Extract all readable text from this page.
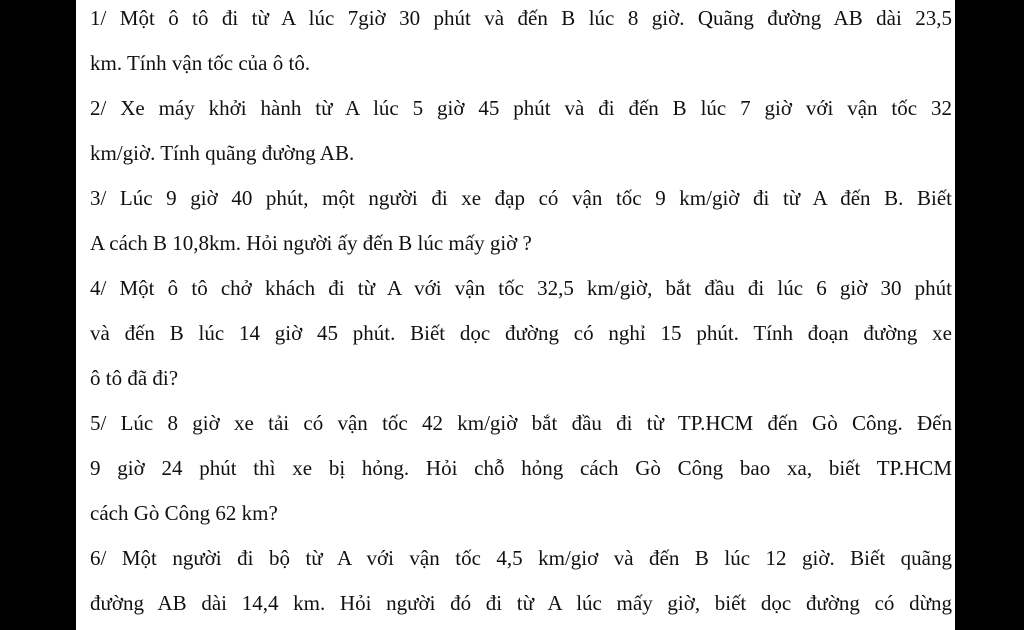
1/ Một ô tô đi từ A lúc 7giờ 30 phút và đến B lúc 8 giờ. Quãng đường AB dài 23,5
km. Tính vận tốc của ô tô.
2/ Xe máy khởi hành từ A lúc 5 giờ 45 phút và đi đến B lúc 7 giờ với vận tốc 32
km/giờ. Tính quãng đường AB.
3/ Lúc 9 giờ 40 phút, một người đi xe đạp có vận tốc 9 km/giờ đi từ A đến B. Biết
A cách B 10,8km. Hỏi người ấy đến B lúc mấy giờ ?
4/ Một ô tô chở khách đi từ A với vận tốc 32,5 km/giờ, bắt đầu đi lúc 6 giờ 30 phút
và đến B lúc 14 giờ 45 phút. Biết dọc đường có nghỉ 15 phút. Tính đoạn đường xe
ô tô đã đi?
5/ Lúc 8 giờ xe tải có vận tốc 42 km/giờ bắt đầu đi từ TP.HCM đến Gò Công. Đến
9 giờ 24 phút thì xe bị hỏng. Hỏi chỗ hỏng cách Gò Công bao xa, biết TP.HCM
cách Gò Công 62 km?
6/ Một người đi bộ từ A với vận tốc 4,5 km/giơ và đến B lúc 12 giờ. Biết quãng
đường AB dài 14,4 km. Hỏi người đó đi từ A lúc mấy giờ, biết dọc đường có dừng
